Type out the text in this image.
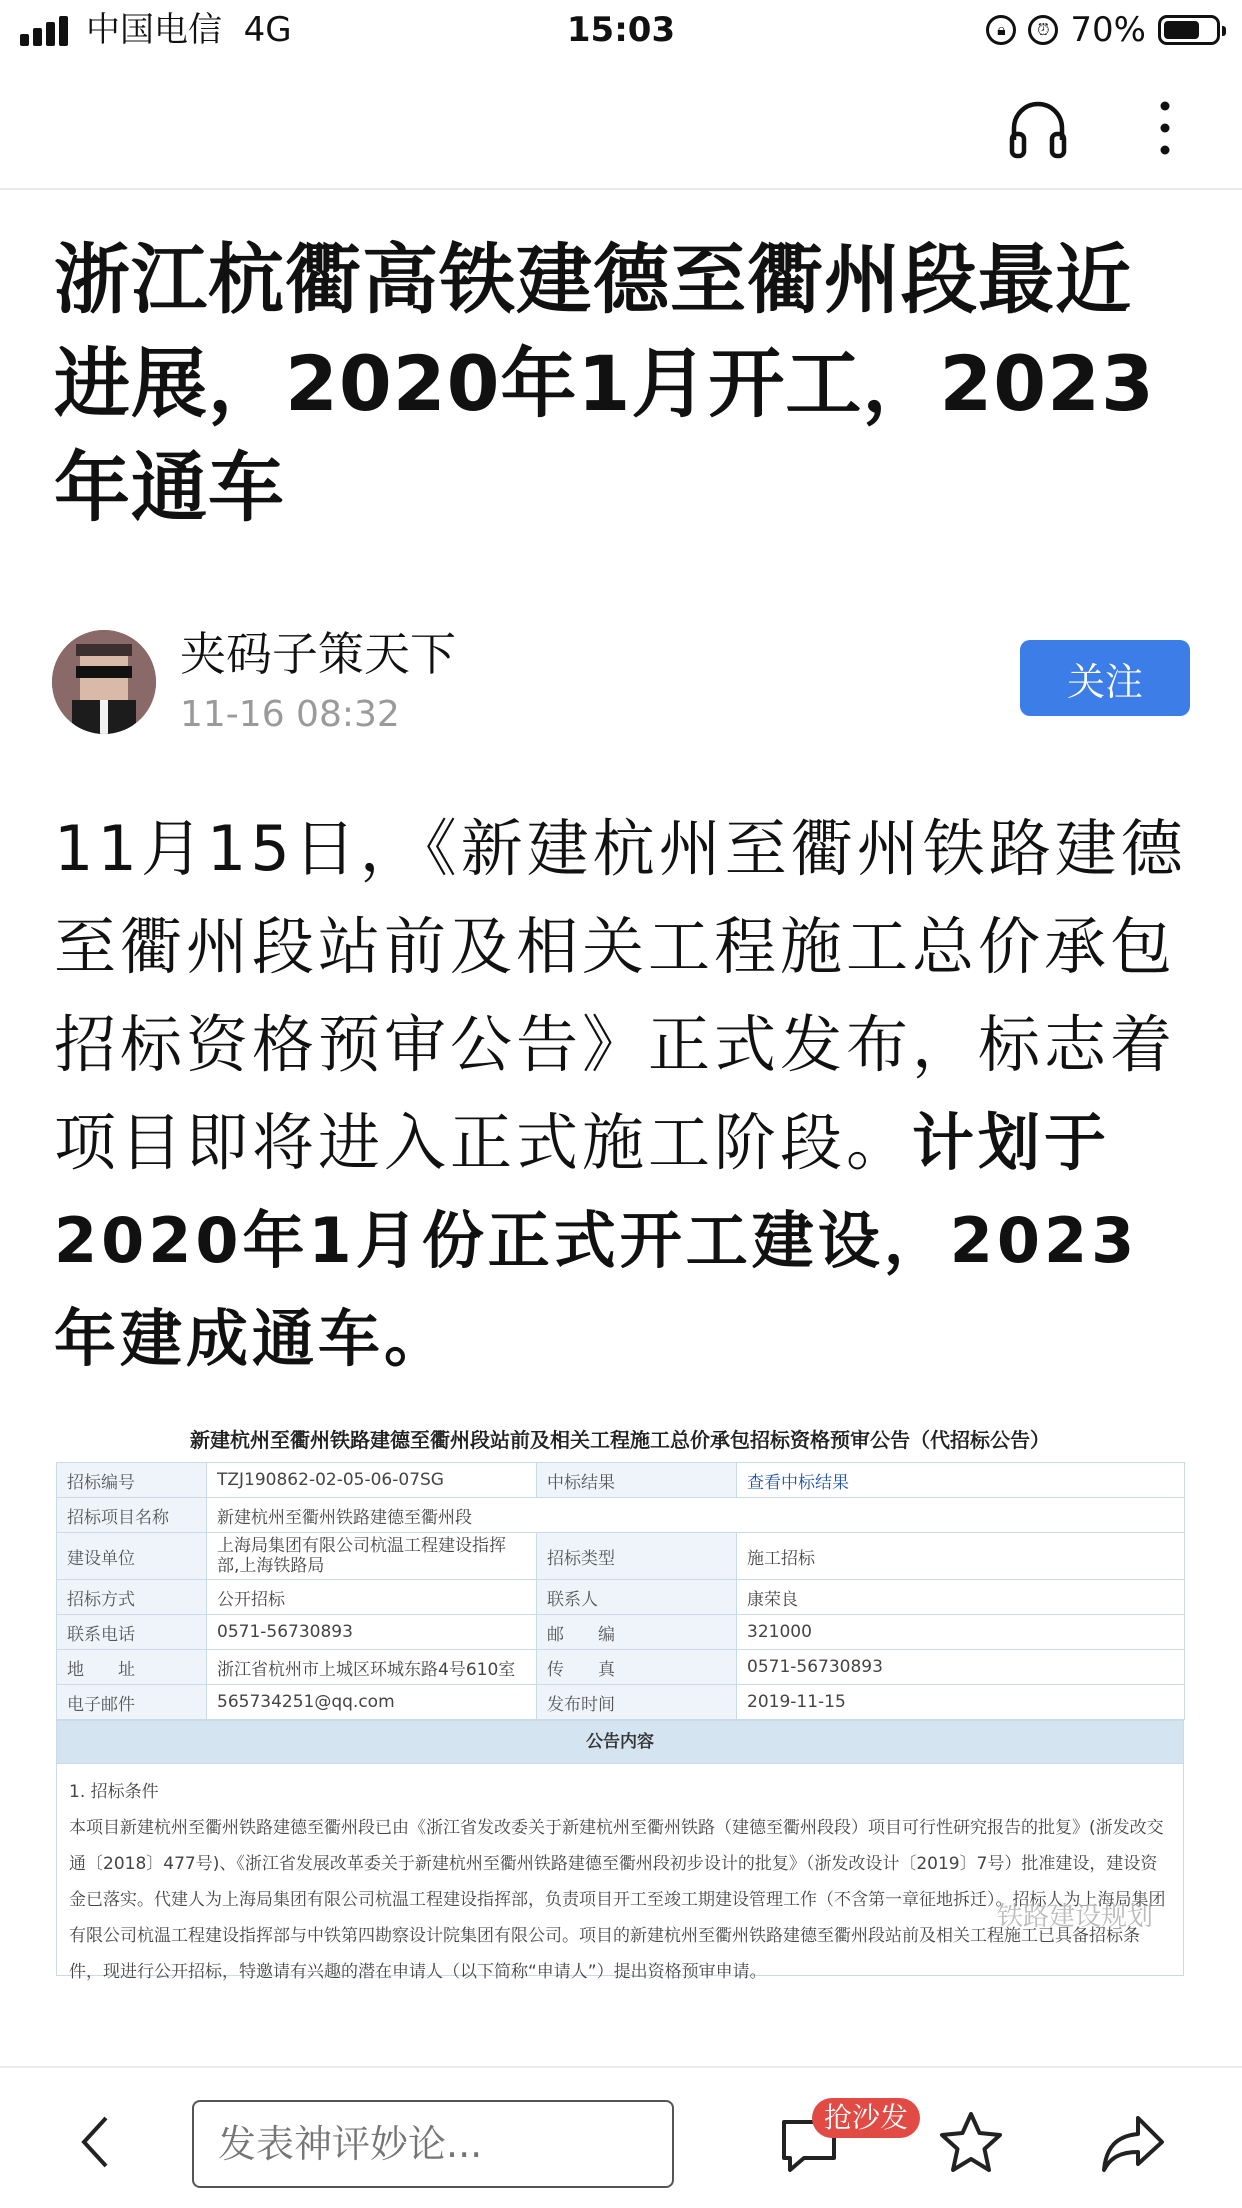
中国电信 4G	15:03	🔒︎	⏰︎ 70%
浙江杭衢高铁建德至衢州段最近进展，2020年1月开工，2023年通车
夹码子策天下
11-16 08:32
关注

11月15日，《新建杭州至衢州铁路建德至衢州段站前及相关工程施工总价承包招标资格预审公告》正式发布，标志着项目即将进入正式施工阶段。计划于2020年1月份正式开工建设，2023年建成通车。

新建杭州至衢州铁路建德至衢州段站前及相关工程施工总价承包招标资格预审公告（代招标公告）
招标编号	TZJ190862-02-05-06-07SG	中标结果	查看中标结果
招标项目名称	新建杭州至衢州铁路建德至衢州段		
建设单位	上海局集团有限公司杭温工程建设指挥部,上海铁路局	招标类型	施工招标
招标方式	公开招标	联系人	康荣良
联系电话	0571-56730893	邮　　编	321000
地　　址	浙江省杭州市上城区环城东路4号610室	传　　真	0571-56730893
电子邮件	565734251@qq.com	发布时间	2019-11-15
公告内容

1. 招标条件

本项目新建杭州至衢州铁路建德至衢州段已由《浙江省发改委关于新建杭州至衢州铁路（建德至衢州段段）项目可行性研究报告的批复》(浙发改交通〔2018〕477号)、《浙江省发展改革委关于新建杭州至衢州铁路建德至衢州段初步设计的批复》（浙发改设计〔2019〕7号）批准建设，建设资金已落实。代建人为上海局集团有限公司杭温工程建设指挥部，负责项目开工至竣工期建设管理工作（不含第一章征地拆迁）。招标人为上海局集团有限公司杭温工程建设指挥部与中铁第四勘察设计院集团有限公司。项目的新建杭州至衢州铁路建德至衢州段站前及相关工程施工已具备招标条件，现进行公开招标，特邀请有兴趣的潜在申请人（以下简称“申请人”）提出资格预审申请。

铁路建设规划
发表神评妙论...
抢沙发
